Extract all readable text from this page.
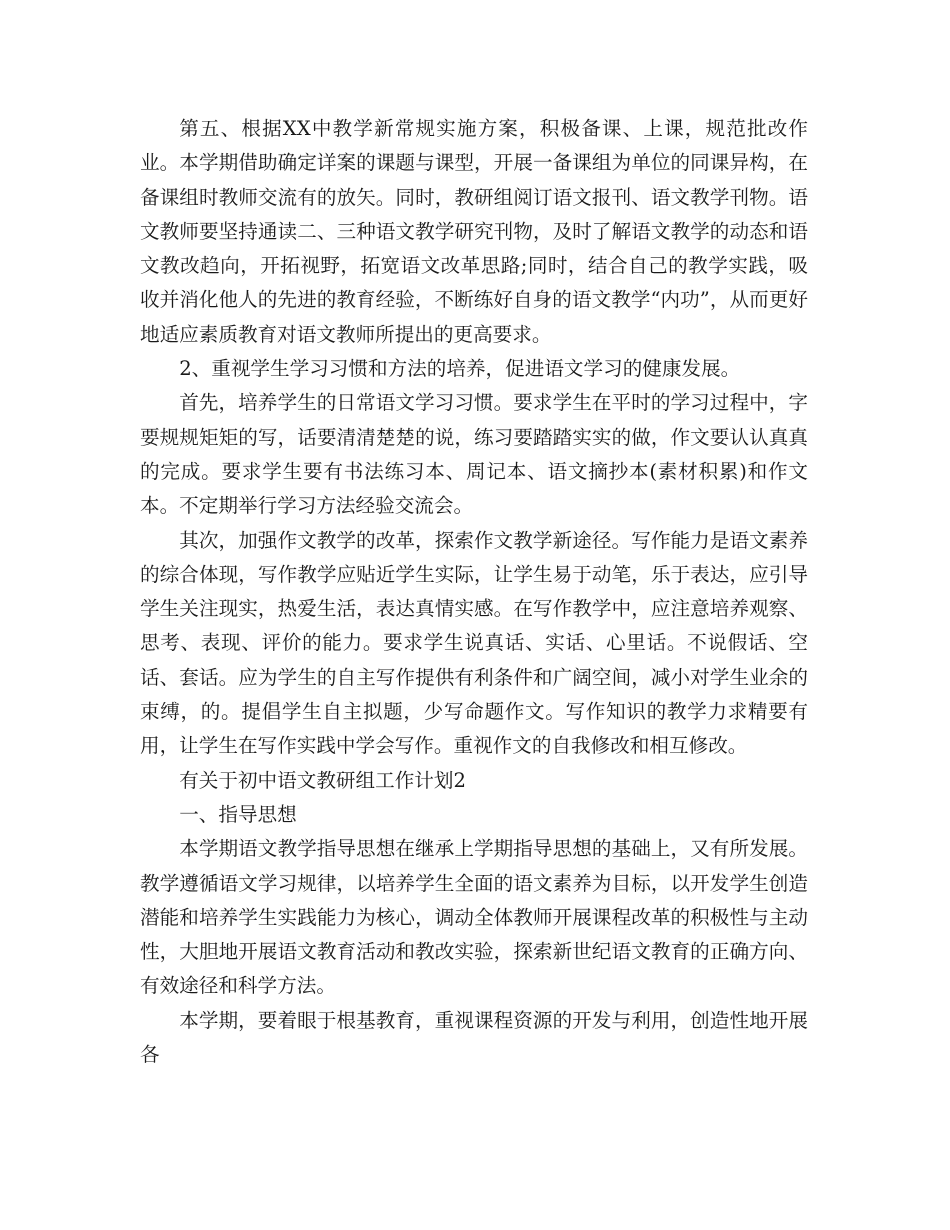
第五、根据XX中教学新常规实施方案，积极备课、上课，规范批改作业。本学期借助确定详案的课题与课型，开展一备课组为单位的同课异构，在备课组时教师交流有的放矢。同时，教研组阅订语文报刊、语文教学刊物。语文教师要坚持通读二、三种语文教学研究刊物，及时了解语文教学的动态和语文教改趋向，开拓视野，拓宽语文改革思路;同时，结合自己的教学实践，吸收并消化他人的先进的教育经验，不断练好自身的语文教学“内功”，从而更好地适应素质教育对语文教师所提出的更高要求。

2、重视学生学习习惯和方法的培养，促进语文学习的健康发展。

首先，培养学生的日常语文学习习惯。要求学生在平时的学习过程中，字要规规矩矩的写，话要清清楚楚的说，练习要踏踏实实的做，作文要认认真真的完成。要求学生要有书法练习本、周记本、语文摘抄本(素材积累)和作文本。不定期举行学习方法经验交流会。

其次，加强作文教学的改革，探索作文教学新途径。写作能力是语文素养的综合体现，写作教学应贴近学生实际，让学生易于动笔，乐于表达，应引导学生关注现实，热爱生活，表达真情实感。在写作教学中，应注意培养观察、思考、表现、评价的能力。要求学生说真话、实话、心里话。不说假话、空话、套话。应为学生的自主写作提供有利条件和广阔空间，减小对学生业余的束缚，的。提倡学生自主拟题，少写命题作文。写作知识的教学力求精要有用，让学生在写作实践中学会写作。重视作文的自我修改和相互修改。

有关于初中语文教研组工作计划2

一、指导思想

本学期语文教学指导思想在继承上学期指导思想的基础上，又有所发展。教学遵循语文学习规律，以培养学生全面的语文素养为目标，以开发学生创造潜能和培养学生实践能力为核心，调动全体教师开展课程改革的积极性与主动性，大胆地开展语文教育活动和教改实验，探索新世纪语文教育的正确方向、有效途径和科学方法。

本学期，要着眼于根基教育，重视课程资源的开发与利用，创造性地开展各
